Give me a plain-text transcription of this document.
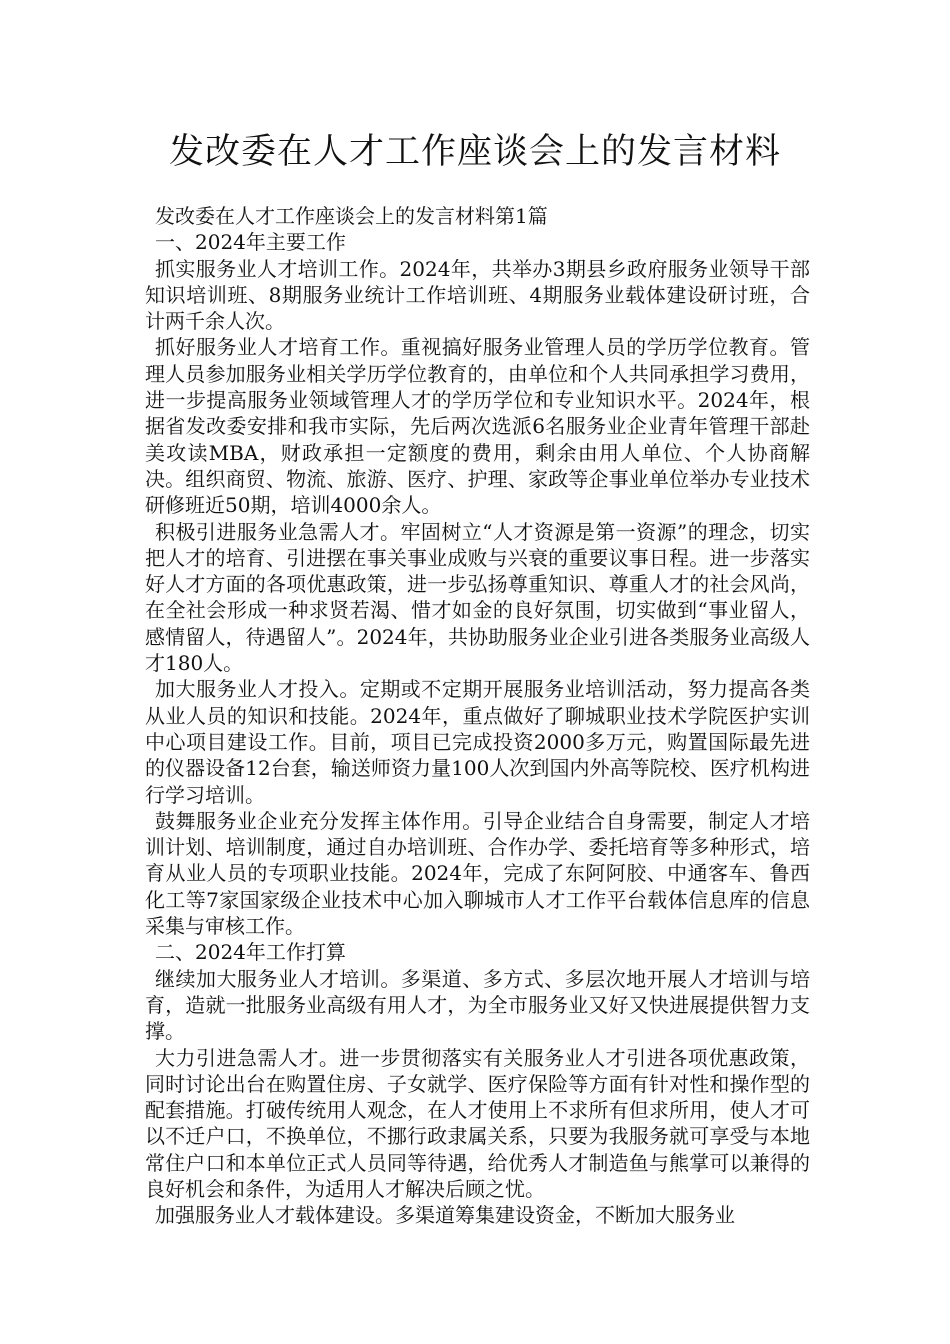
发改委在人才工作座谈会上的发言材料

发改委在人才工作座谈会上的发言材料第1篇

一、2024年主要工作

抓实服务业人才培训工作。2024年，共举办3期县乡政府服务业领导干部知识培训班、8期服务业统计工作培训班、4期服务业载体建设研讨班，合计两千余人次。

抓好服务业人才培育工作。重视搞好服务业管理人员的学历学位教育。管理人员参加服务业相关学历学位教育的，由单位和个人共同承担学习费用，进一步提高服务业领域管理人才的学历学位和专业知识水平。2024年，根据省发改委安排和我市实际，先后两次选派6名服务业企业青年管理干部赴美攻读MBA，财政承担一定额度的费用，剩余由用人单位、个人协商解决。组织商贸、物流、旅游、医疗、护理、家政等企事业单位举办专业技术研修班近50期，培训4000余人。

积极引进服务业急需人才。牢固树立“人才资源是第一资源”的理念，切实把人才的培育、引进摆在事关事业成败与兴衰的重要议事日程。进一步落实好人才方面的各项优惠政策，进一步弘扬尊重知识、尊重人才的社会风尚，在全社会形成一种求贤若渴、惜才如金的良好氛围，切实做到“事业留人，感情留人，待遇留人”。2024年，共协助服务业企业引进各类服务业高级人才180人。

加大服务业人才投入。定期或不定期开展服务业培训活动，努力提高各类从业人员的知识和技能。2024年，重点做好了聊城职业技术学院医护实训中心项目建设工作。目前，项目已完成投资2000多万元，购置国际最先进的仪器设备12台套，输送师资力量100人次到国内外高等院校、医疗机构进行学习培训。

鼓舞服务业企业充分发挥主体作用。引导企业结合自身需要，制定人才培训计划、培训制度，通过自办培训班、合作办学、委托培育等多种形式，培育从业人员的专项职业技能。2024年，完成了东阿阿胶、中通客车、鲁西化工等7家国家级企业技术中心加入聊城市人才工作平台载体信息库的信息采集与审核工作。

二、2024年工作打算

继续加大服务业人才培训。多渠道、多方式、多层次地开展人才培训与培育，造就一批服务业高级有用人才，为全市服务业又好又快进展提供智力支撑。

大力引进急需人才。进一步贯彻落实有关服务业人才引进各项优惠政策，同时讨论出台在购置住房、子女就学、医疗保险等方面有针对性和操作型的配套措施。打破传统用人观念，在人才使用上不求所有但求所用，使人才可以不迁户口，不换单位，不挪行政隶属关系，只要为我服务就可享受与本地常住户口和本单位正式人员同等待遇，给优秀人才制造鱼与熊掌可以兼得的良好机会和条件，为适用人才解决后顾之忧。

加强服务业人才载体建设。多渠道筹集建设资金，不断加大服务业
